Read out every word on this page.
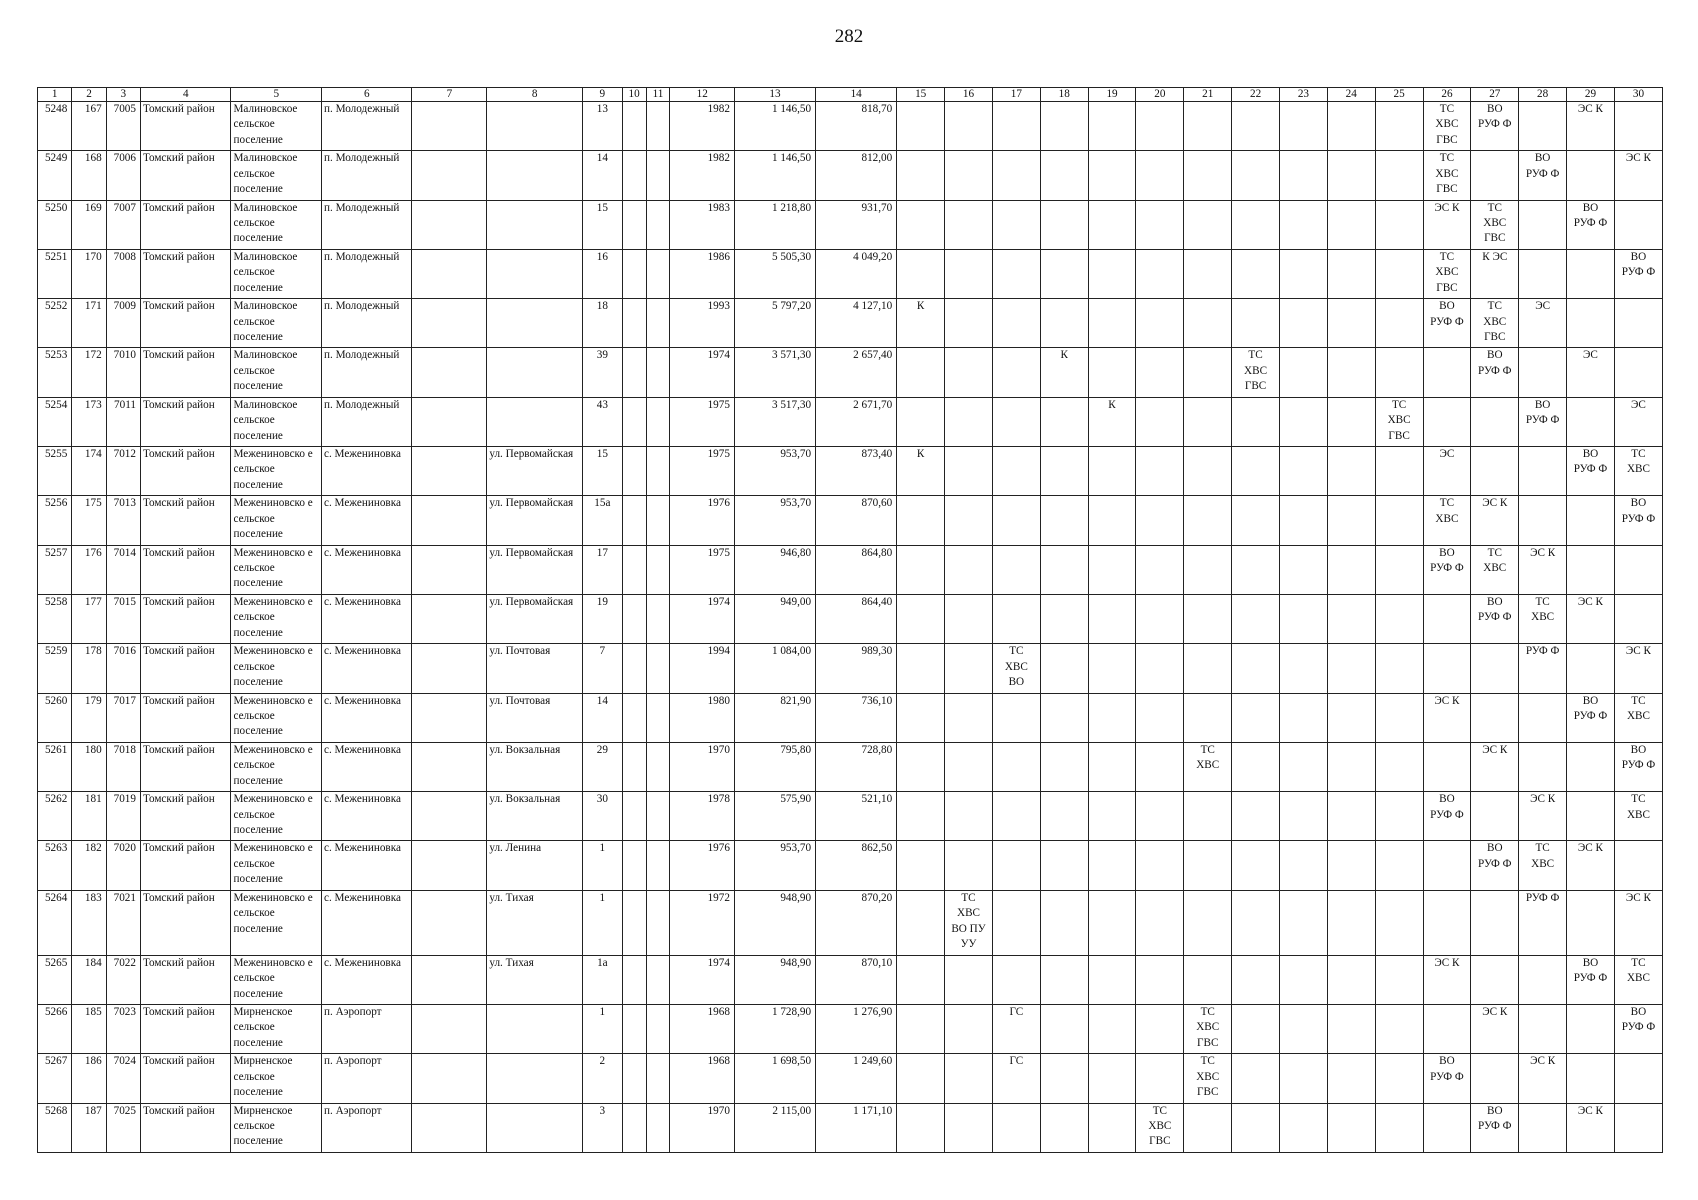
282
1	2	3	4	5	6	7	8	9	10	11	12	13	14	15	16	17	18	19	20	21	22	23	24	25	26	27	28	29	30
5248	167	7005	Томский район	Малиновское сельское поселение	п. Молодежный			13			1982	1 146,50	818,70												ТС
ХВС
ГВС	ВО
РУФ Ф		ЭС К	
5249	168	7006	Томский район	Малиновское сельское поселение	п. Молодежный			14			1982	1 146,50	812,00												ТС
ХВС
ГВС		ВО
РУФ Ф		ЭС К
5250	169	7007	Томский район	Малиновское сельское поселение	п. Молодежный			15			1983	1 218,80	931,70												ЭС К	ТС
ХВС
ГВС		ВО
РУФ Ф	
5251	170	7008	Томский район	Малиновское сельское поселение	п. Молодежный			16			1986	5 505,30	4 049,20												ТС
ХВС
ГВС	К ЭС			ВО
РУФ Ф
5252	171	7009	Томский район	Малиновское сельское поселение	п. Молодежный			18			1993	5 797,20	4 127,10	К											ВО
РУФ Ф	ТС
ХВС
ГВС	ЭС		
5253	172	7010	Томский район	Малиновское сельское поселение	п. Молодежный			39			1974	3 571,30	2 657,40				К				ТС
ХВС
ГВС					ВО
РУФ Ф		ЭС	
5254	173	7011	Томский район	Малиновское сельское поселение	п. Молодежный			43			1975	3 517,30	2 671,70					К						ТС
ХВС
ГВС			ВО
РУФ Ф		ЭС
5255	174	7012	Томский район	Межениновско е сельское поселение	с. Межениновка		ул. Первомайская	15			1975	953,70	873,40	К											ЭС			ВО
РУФ Ф	ТС
ХВС
5256	175	7013	Томский район	Межениновско е сельское поселение	с. Межениновка		ул. Первомайская	15а			1976	953,70	870,60												ТС
ХВС	ЭС К			ВО
РУФ Ф
5257	176	7014	Томский район	Межениновско е сельское поселение	с. Межениновка		ул. Первомайская	17			1975	946,80	864,80												ВО
РУФ Ф	ТС
ХВС	ЭС К		
5258	177	7015	Томский район	Межениновско е сельское поселение	с. Межениновка		ул. Первомайская	19			1974	949,00	864,40													ВО
РУФ Ф	ТС
ХВС	ЭС К	
5259	178	7016	Томский район	Межениновско е сельское поселение	с. Межениновка		ул. Почтовая	7			1994	1 084,00	989,30			ТС
ХВС
ВО											РУФ Ф		ЭС К
5260	179	7017	Томский район	Межениновско е сельское поселение	с. Межениновка		ул. Почтовая	14			1980	821,90	736,10												ЭС К			ВО
РУФ Ф	ТС
ХВС
5261	180	7018	Томский район	Межениновско е сельское поселение	с. Межениновка		ул. Вокзальная	29			1970	795,80	728,80							ТС
ХВС						ЭС К			ВО
РУФ Ф
5262	181	7019	Томский район	Межениновско е сельское поселение	с. Межениновка		ул. Вокзальная	30			1978	575,90	521,10												ВО
РУФ Ф		ЭС К		ТС
ХВС
5263	182	7020	Томский район	Межениновско е сельское поселение	с. Межениновка		ул. Ленина	1			1976	953,70	862,50													ВО
РУФ Ф	ТС
ХВС	ЭС К	
5264	183	7021	Томский район	Межениновско е сельское поселение	с. Межениновка		ул. Тихая	1			1972	948,90	870,20		ТС
ХВС
ВО ПУ
УУ												РУФ Ф		ЭС К
5265	184	7022	Томский район	Межениновско е сельское поселение	с. Межениновка		ул. Тихая	1а			1974	948,90	870,10												ЭС К			ВО
РУФ Ф	ТС
ХВС
5266	185	7023	Томский район	Мирненское сельское поселение	п. Аэропорт			1			1968	1 728,90	1 276,90			ГС				ТС
ХВС
ГВС						ЭС К			ВО
РУФ Ф
5267	186	7024	Томский район	Мирненское сельское поселение	п. Аэропорт			2			1968	1 698,50	1 249,60			ГС				ТС
ХВС
ГВС					ВО
РУФ Ф		ЭС К		
5268	187	7025	Томский район	Мирненское сельское поселение	п. Аэропорт			3			1970	2 115,00	1 171,10						ТС
ХВС
ГВС							ВО
РУФ Ф		ЭС К	
